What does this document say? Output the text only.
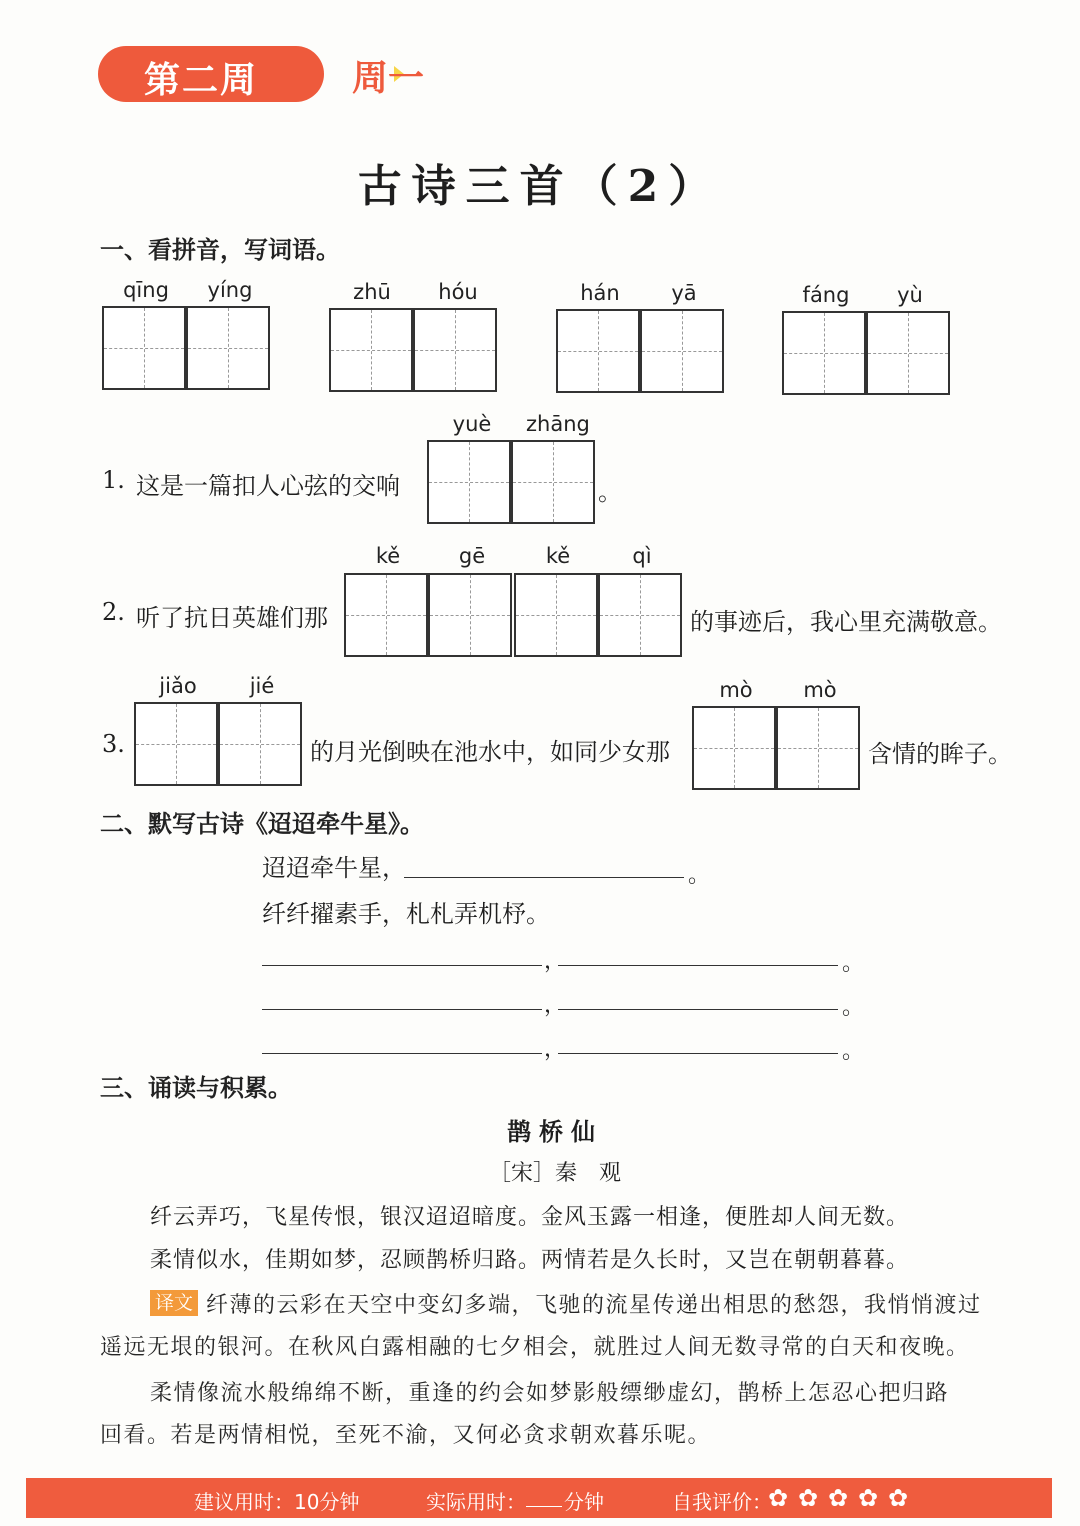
第二周	周一
古诗三首（2）
一、看拼音，写词语。
qīng	yíng	zhū	hóu	hán	yā	fáng	yù
1. 这是一篇扣人心弦的交响
yuè	zhāng
。
2. 听了抗日英雄们那
kě	gē	kě	qì
的事迹后，我心里充满敬意。
3.
jiǎo	jié
的月光倒映在池水中，如同少女那
mò	mò
含情的眸子。
二、默写古诗《迢迢牵牛星》。
迢迢牵牛星，	。
纤纤擢素手，札札弄机杼。
，	。
，	。
，	。
三、诵读与积累。
鹊桥仙
［宋］秦　观
纤云弄巧，飞星传恨，银汉迢迢暗度。金风玉露一相逢，便胜却人间无数。
柔情似水，佳期如梦，忍顾鹊桥归路。两情若是久长时，又岂在朝朝暮暮。
译文 纤薄的云彩在天空中变幻多端，飞驰的流星传递出相思的愁怨，我悄悄渡过
遥远无垠的银河。在秋风白露相融的七夕相会，就胜过人间无数寻常的白天和夜晚。
柔情像流水般绵绵不断，重逢的约会如梦影般缥缈虚幻，鹊桥上怎忍心把归路
回看。若是两情相悦，至死不渝，又何必贪求朝欢暮乐呢。
建议用时：10分钟	实际用时： 分钟	自我评价：
✿ ✿ ✿ ✿ ✿
